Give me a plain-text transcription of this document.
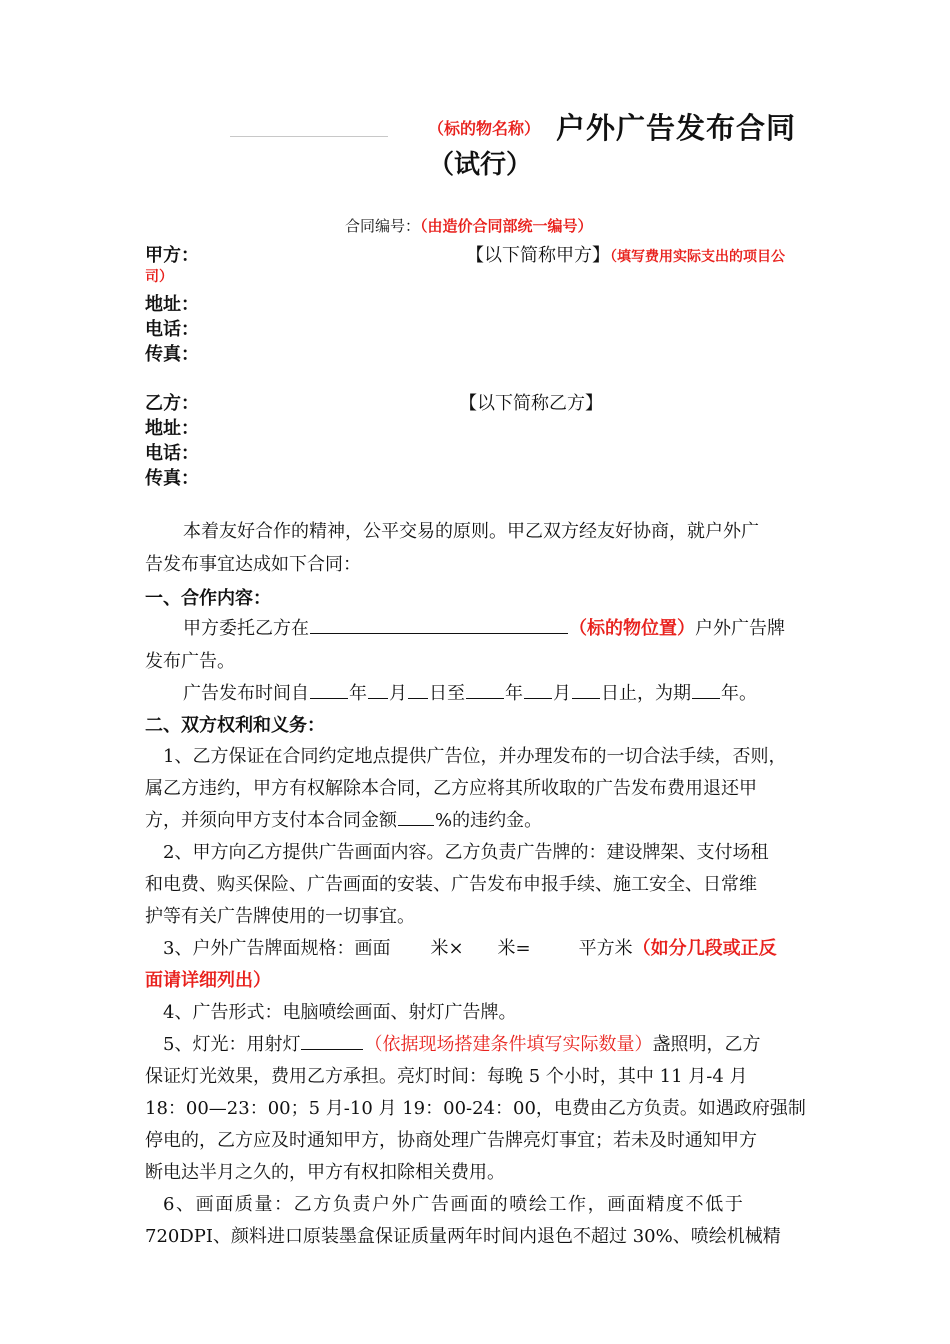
（标的物名称） 户外广告发布合同
（试行）
合同编号：（由造价合同部统一编号）
甲方：	【以下简称甲方】（填写费用实际支出的项目公
司）
地址：
电话：
传真：
乙方：	【以下简称乙方】
地址：
电话：
传真：
本着友好合作的精神，公平交易的原则。甲乙双方经友好协商，就户外广
告发布事宜达成如下合同：
一、合作内容：
甲方委托乙方在	（标的物位置）户外广告牌
发布广告。
广告发布时间自 年 月 日至 年 月 日止，为期 年。
二、双方权利和义务：
1、乙方保证在合同约定地点提供广告位，并办理发布的一切合法手续，否则，
属乙方违约，甲方有权解除本合同，乙方应将其所收取的广告发布费用退还甲
方，并须向甲方支付本合同金额 %的违约金。
2、甲方向乙方提供广告画面内容。乙方负责广告牌的：建设牌架、支付场租
和电费、购买保险、广告画面的安装、广告发布申报手续、施工安全、日常维
护等有关广告牌使用的一切事宜。
3、户外广告牌面规格：画面 米× 米=	平方米（如分几段或正反
面请详细列出）
4、广告形式：电脑喷绘画面、射灯广告牌。
5、灯光：用射灯	（依据现场搭建条件填写实际数量）盏照明，乙方
保证灯光效果，费用乙方承担。亮灯时间：每晚 5 个小时，其中 11 月-4 月
18：00—23：00；5 月-10 月 19：00-24：00，电费由乙方负责。如遇政府强制
停电的，乙方应及时通知甲方，协商处理广告牌亮灯事宜；若未及时通知甲方
断电达半月之久的，甲方有权扣除相关费用。
6、画面质量：乙方负责户外广告画面的喷绘工作，画面精度不低于
720DPI、颜料进口原装墨盒保证质量两年时间内退色不超过 30%、喷绘机械精
